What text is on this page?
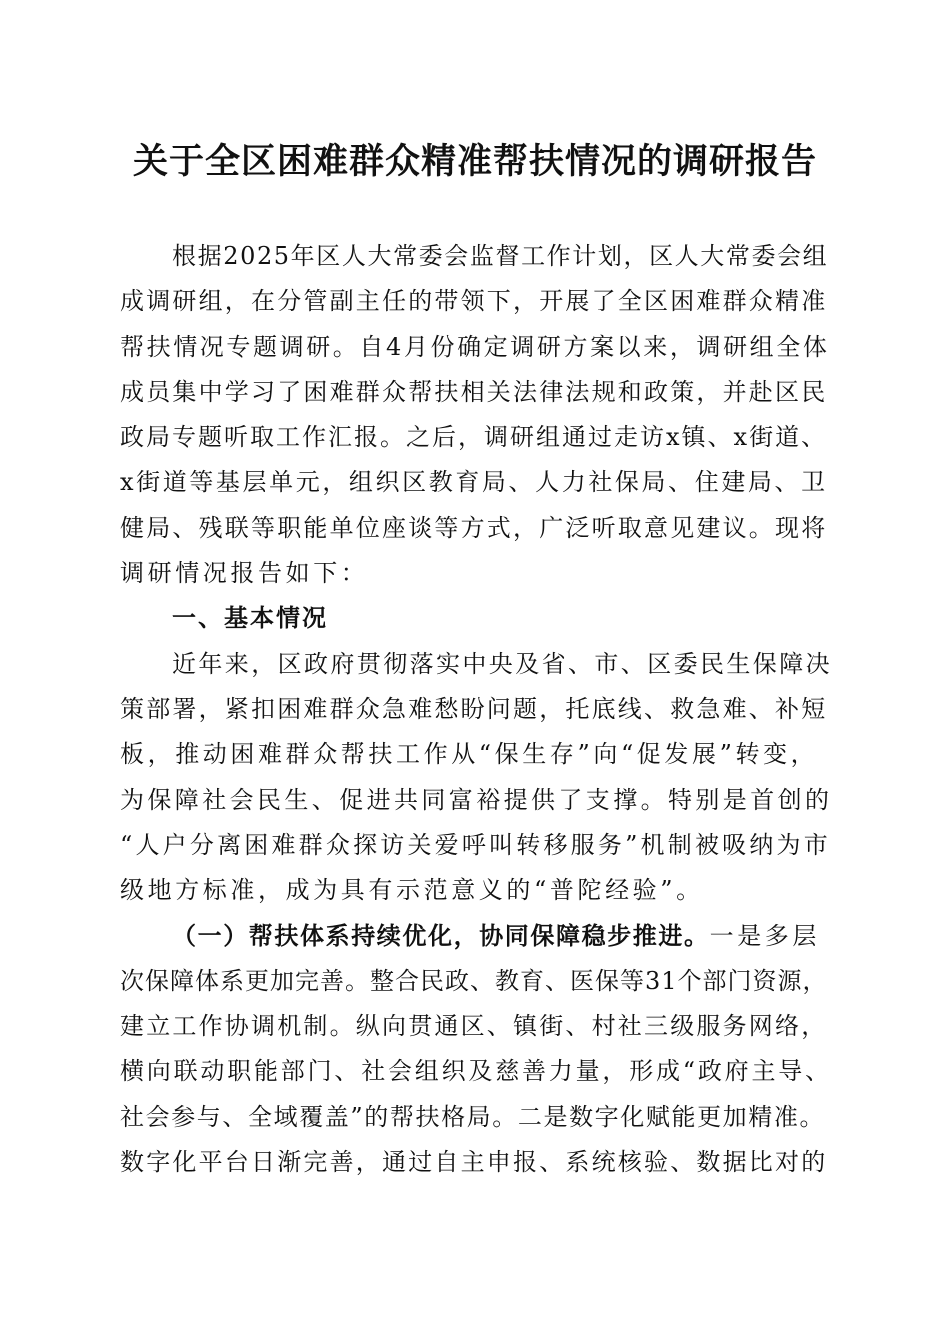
关于全区困难群众精准帮扶情况的调研报告
根据2025年区人大常委会监督工作计划，区人大常委会组
成调研组，在分管副主任的带领下，开展了全区困难群众精准
帮扶情况专题调研。自4月份确定调研方案以来，调研组全体
成员集中学习了困难群众帮扶相关法律法规和政策，并赴区民
政局专题听取工作汇报。之后，调研组通过走访x镇、x街道、
x街道等基层单元，组织区教育局、人力社保局、住建局、卫
健局、残联等职能单位座谈等方式，广泛听取意见建议。现将
调研情况报告如下：
一、基本情况
近年来，区政府贯彻落实中央及省、市、区委民生保障决
策部署，紧扣困难群众急难愁盼问题，托底线、救急难、补短
板，推动困难群众帮扶工作从“保生存”向“促发展”转变，
为保障社会民生、促进共同富裕提供了支撑。特别是首创的
“人户分离困难群众探访关爱呼叫转移服务”机制被吸纳为市
级地方标准，成为具有示范意义的“普陀经验”。
（一）帮扶体系持续优化，协同保障稳步推进。一是多层
次保障体系更加完善。整合民政、教育、医保等31个部门资源，
建立工作协调机制。纵向贯通区、镇街、村社三级服务网络，
横向联动职能部门、社会组织及慈善力量，形成“政府主导、
社会参与、全域覆盖”的帮扶格局。二是数字化赋能更加精准。
数字化平台日渐完善，通过自主申报、系统核验、数据比对的
